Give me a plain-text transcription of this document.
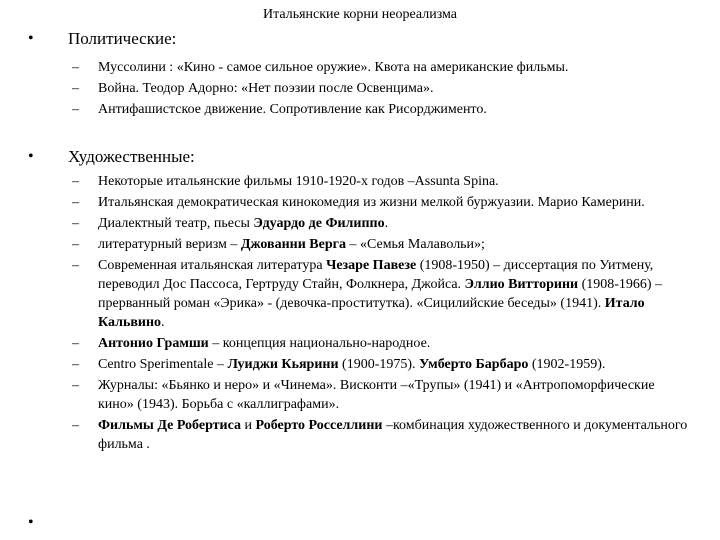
Итальянские корни неореализма
•	Политические:
–	Муссолини : «Кино - самое сильное оружие». Квота на американские фильмы.
–	Война. Теодор Адорно: «Нет поэзии после Освенцима».
–	Антифашистское движение. Сопротивление как Рисорджименто.
•	Художественные:
–	Некоторые итальянские фильмы 1910-1920-х годов –Assunta Spina.
–	Итальянская демократическая кинокомедия из жизни мелкой буржуазии. Марио Камерини.
–	Диалектный театр, пьесы Эдуардо де Филиппо.
–	литературный веризм – Джованни Верга – «Семья Малавольи»;
–	Современная итальянская литература Чезаре Павезе (1908-1950) – диссертация по Уитмену, переводил Дос Пассоса, Гертруду Стайн, Фолкнера, Джойса. Эллио Витторини (1908-1966) – прерванный роман «Эрика» - (девочка-проститутка). «Сицилийские беседы» (1941). Итало Кальвино.
–	Антонио Грамши – концепция национально-народное.
–	Centro Sperimentale – Луиджи Кьярини (1900-1975). Умберто Барбаро (1902-1959).
–	Журналы: «Бьянко и неро» и «Чинема». Висконти –«Трупы» (1941) и «Антропоморфические кино» (1943). Борьба с «каллиграфами».
–	Фильмы Де Робертиса и Роберто Росселлини –комбинация художественного и документального фильма .
•
